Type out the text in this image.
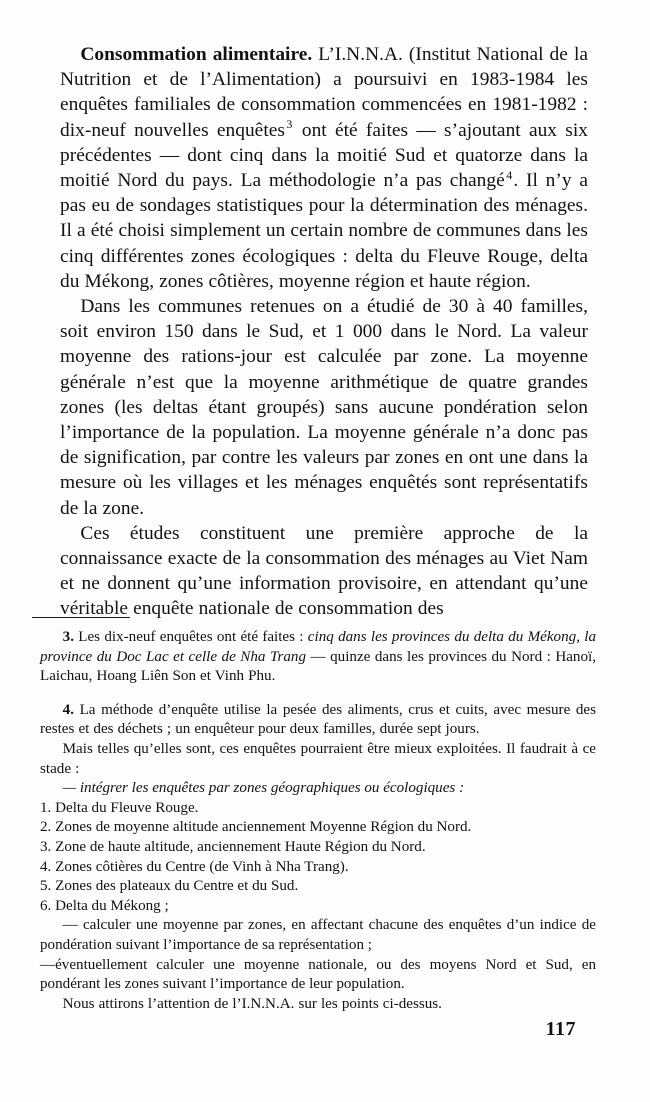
Consommation alimentaire. L’I.N.N.A. (Institut National de la Nutrition et de l’Alimentation) a poursuivi en 1983-1984 les enquêtes familiales de consommation commencées en 1981-1982 : dix-neuf nouvelles enquêtes$^3$ ont été faites — s’ajoutant aux six précédentes — dont cinq dans la moitié Sud et quatorze dans la moitié Nord du pays. La méthodologie n’a pas changé$^4$. Il n’y a pas eu de sondages statistiques pour la détermination des ménages. Il a été choisi simplement un certain nombre de communes dans les cinq différentes zones écologiques : delta du Fleuve Rouge, delta du Mékong, zones côtières, moyenne région et haute région.

Dans les communes retenues on a étudié de 30 à 40 familles, soit environ 150 dans le Sud, et 1 000 dans le Nord. La valeur moyenne des rations-jour est calculée par zone. La moyenne générale n’est que la moyenne arithmétique de quatre grandes zones (les deltas étant groupés) sans aucune pondération selon l’importance de la population. La moyenne générale n’a donc pas de signification, par contre les valeurs par zones en ont une dans la mesure où les villages et les ménages enquêtés sont représentatifs de la zone.

Ces études constituent une première approche de la connaissance exacte de la consommation des ménages au Viet Nam et ne donnent qu’une information provisoire, en attendant qu’une véritable enquête nationale de consommation des

3. Les dix-neuf enquêtes ont été faites : cinq dans les provinces du delta du Mékong, la province du Doc Lac et celle de Nha Trang — quinze dans les provinces du Nord : Hanoï, Laichau, Hoang Liên Son et Vinh Phu.

4. La méthode d’enquête utilise la pesée des aliments, crus et cuits, avec mesure des restes et des déchets ; un enquêteur pour deux familles, durée sept jours.

Mais telles qu’elles sont, ces enquêtes pourraient être mieux exploitées. Il faudrait à ce stade :

— intégrer les enquêtes par zones géographiques ou écologiques :

1. Delta du Fleuve Rouge.
2. Zones de moyenne altitude anciennement Moyenne Région du Nord.
3. Zone de haute altitude, anciennement Haute Région du Nord.
4. Zones côtières du Centre (de Vinh à Nha Trang).
5. Zones des plateaux du Centre et du Sud.
6. Delta du Mékong ;

— calculer une moyenne par zones, en affectant chacune des enquêtes d’un indice de pondération suivant l’importance de sa représentation ;

—éventuellement calculer une moyenne nationale, ou des moyens Nord et Sud, en pondérant les zones suivant l’importance de leur population.

Nous attirons l’attention de l’I.N.N.A. sur les points ci-dessus.

117
